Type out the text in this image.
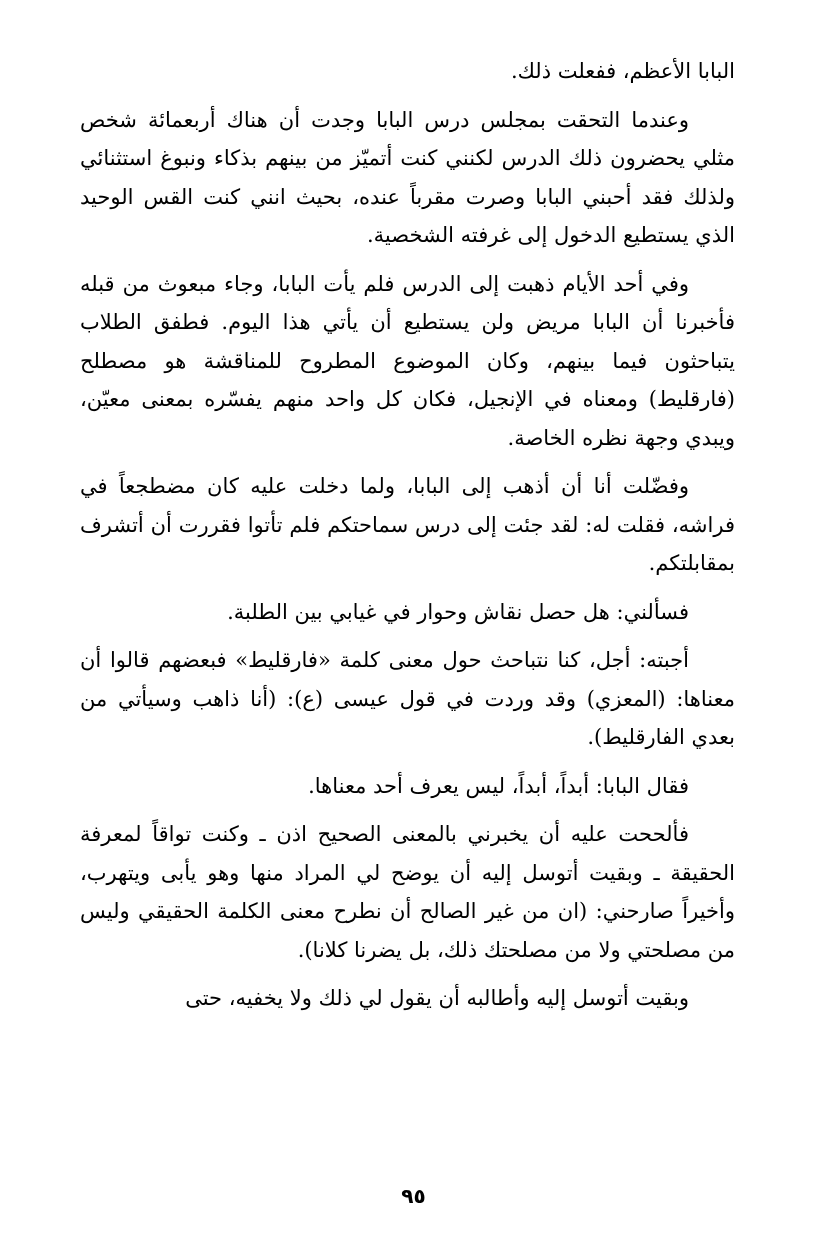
البابا الأعظم، ففعلت ذلك.

وعندما التحقت بمجلس درس البابا وجدت أن هناك أربعمائة شخص مثلي يحضرون ذلك الدرس لكنني كنت أتميّز من بينهم بذكاء ونبوغ استثنائي ولذلك فقد أحبني البابا وصرت مقرباً عنده، بحيث انني كنت القس الوحيد الذي يستطيع الدخول إلى غرفته الشخصية.

وفي أحد الأيام ذهبت إلى الدرس فلم يأت البابا، وجاء مبعوث من قبله فأخبرنا أن البابا مريض ولن يستطيع أن يأتي هذا اليوم. فطفق الطلاب يتباحثون فيما بينهم، وكان الموضوع المطروح للمناقشة هو مصطلح (فارقليط) ومعناه في الإنجيل، فكان كل واحد منهم يفسّره بمعنى معيّن، ويبدي وجهة نظره الخاصة.

وفضّلت أنا أن أذهب إلى البابا، ولما دخلت عليه كان مضطجعاً في فراشه، فقلت له: لقد جئت إلى درس سماحتكم فلم تأتوا فقررت أن أتشرف بمقابلتكم.

فسألني: هل حصل نقاش وحوار في غيابي بين الطلبة.

أجبته: أجل، كنا نتباحث حول معنى كلمة «فارقليط» فبعضهم قالوا أن معناها: (المعزي) وقد وردت في قول عيسى (ع): (أنا ذاهب وسيأتي من بعدي الفارقليط).

فقال البابا: أبداً، أبداً، ليس يعرف أحد معناها.

فألححت عليه أن يخبرني بالمعنى الصحيح اذن ـ وكنت تواقاً لمعرفة الحقيقة ـ وبقيت أتوسل إليه أن يوضح لي المراد منها وهو يأبى ويتهرب، وأخيراً صارحني: (ان من غير الصالح أن نطرح معنى الكلمة الحقيقي وليس من مصلحتي ولا من مصلحتك ذلك، بل يضرنا كلانا).

وبقيت أتوسل إليه وأطالبه أن يقول لي ذلك ولا يخفيه، حتى

٩٥
